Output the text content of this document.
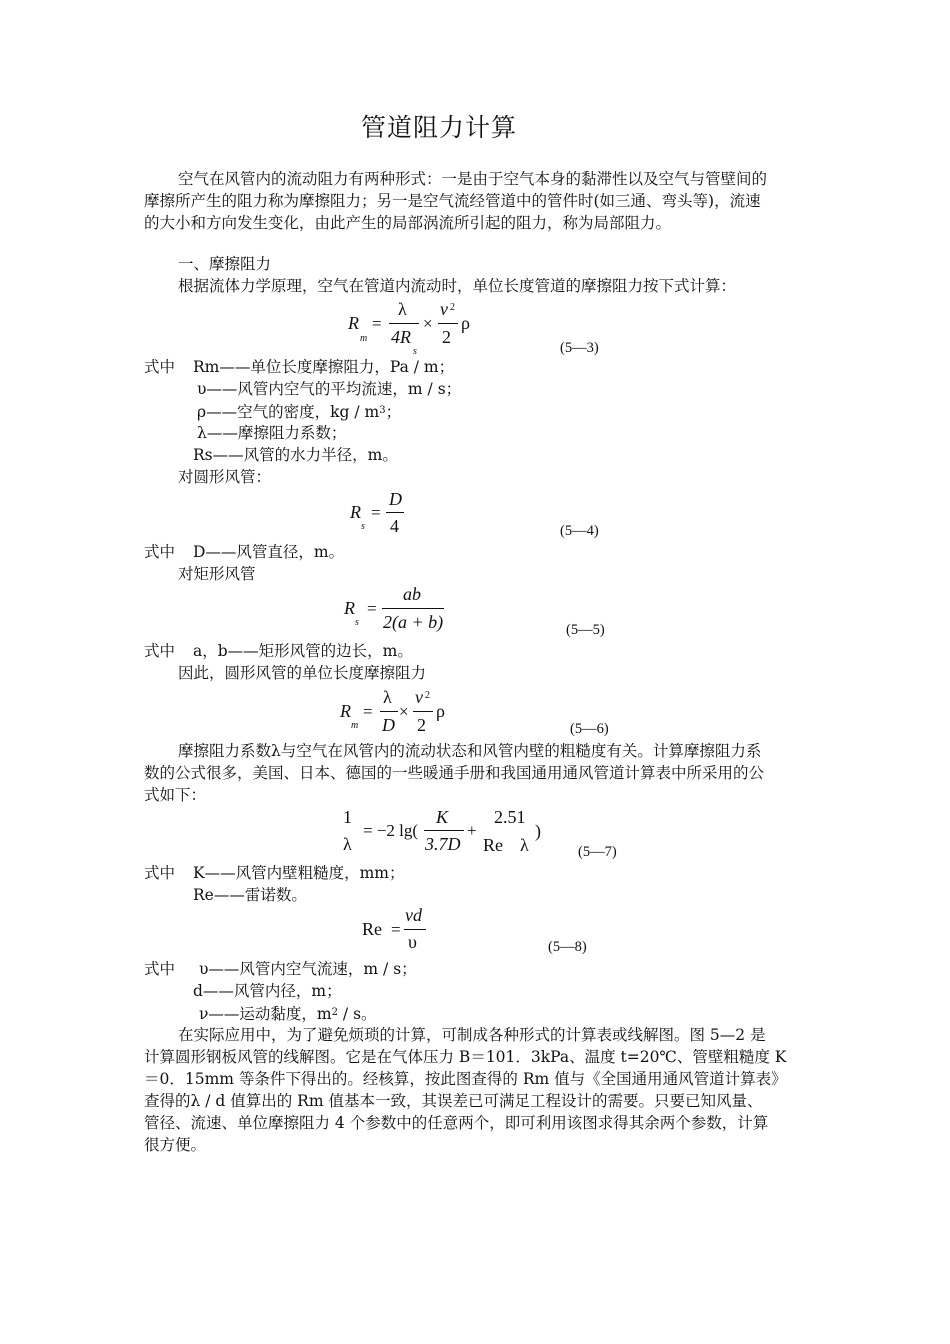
管道阻力计算
空气在风管内的流动阻力有两种形式：一是由于空气本身的黏滞性以及空气与管壁间的
摩擦所产生的阻力称为摩擦阻力；另一是空气流经管道中的管件时(如三通、弯头等)，流速
的大小和方向发生变化，由此产生的局部涡流所引起的阻力，称为局部阻力。
一、摩擦阻力
根据流体力学原理，空气在管道内流动时，单位长度管道的摩擦阻力按下式计算：
R
m
=
λ
4R
s
×
v 2
2
ρ
(5—3)
式中 Rm——单位长度摩擦阻力，Pa / m；
υ——风管内空气的平均流速，m / s；
ρ——空气的密度，kg / $m^3$；
λ——摩擦阻力系数；
Rs——风管的水力半径，m。
对圆形风管：
R
s
=
D
4	(5—4)
式中 D——风管直径，m。
对矩形风管
R
s
=
ab
2(a + b)	(5—5)
式中 a，b——矩形风管的边长，m。
因此，圆形风管的单位长度摩擦阻力
R
m
=
λ
D
×
v 2
2
ρ
(5—6)
摩擦阻力系数λ与空气在风管内的流动状态和风管内壁的粗糙度有关。计算摩擦阻力系
数的公式很多，美国、日本、德国的一些暖通手册和我国通用通风管道计算表中所采用的公
式如下：
1
λ
= −2 lg(
K
3.7D
+
2.51
Re λ
)
(5—7)
式中 K——风管内壁粗糙度，mm；
Re——雷诺数。
Re =
vd
υ	(5—8)
式中 υ——风管内空气流速，m / s；
d——风管内径，m；
ν——运动黏度，$m^2$ / s。
在实际应用中，为了避免烦琐的计算，可制成各种形式的计算表或线解图。图 5—2 是
计算圆形钢板风管的线解图。它是在气体压力 B＝101．3kPa、温度 t=20℃、管壁粗糙度 K
＝0．15mm 等条件下得出的。经核算，按此图查得的 Rm 值与《全国通用通风管道计算表》
查得的λ / d 值算出的 Rm 值基本一致，其误差已可满足工程设计的需要。只要已知风量、
管径、流速、单位摩擦阻力 4 个参数中的任意两个，即可利用该图求得其余两个参数，计算
很方便。
